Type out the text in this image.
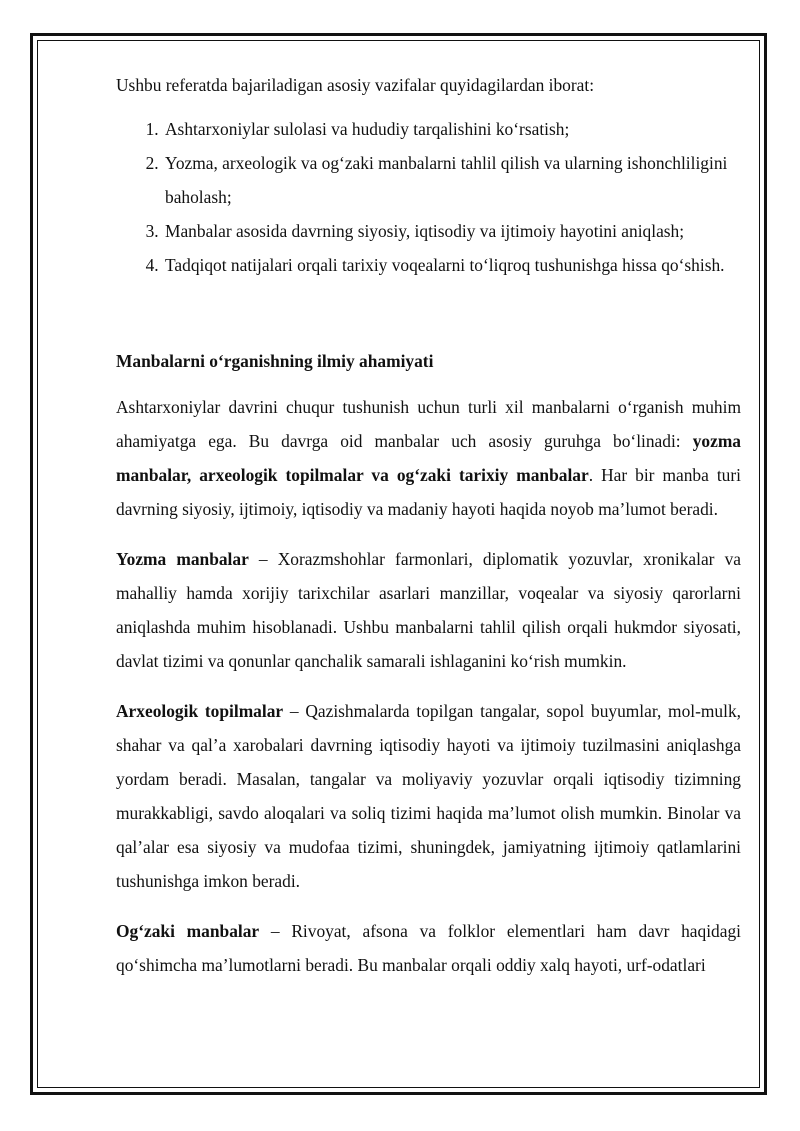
Ushbu referatda bajariladigan asosiy vazifalar quyidagilardan iborat:

1. Ashtarxoniylar sulolasi va hududiy tarqalishini ko‘rsatish;
2. Yozma, arxeologik va og‘zaki manbalarni tahlil qilish va ularning ishonchliligini baholash;
3. Manbalar asosida davrning siyosiy, iqtisodiy va ijtimoiy hayotini aniqlash;
4. Tadqiqot natijalari orqali tarixiy voqealarni to‘liqroq tushunishga hissa qo‘shish.

Manbalarni o‘rganishning ilmiy ahamiyati

Ashtarxoniylar davrini chuqur tushunish uchun turli xil manbalarni o‘rganish muhim ahamiyatga ega. Bu davrga oid manbalar uch asosiy guruhga bo‘linadi: yozma manbalar, arxeologik topilmalar va og‘zaki tarixiy manbalar. Har bir manba turi davrning siyosiy, ijtimoiy, iqtisodiy va madaniy hayoti haqida noyob ma’lumot beradi.

Yozma manbalar – Xorazmshohlar farmonlari, diplomatik yozuvlar, xronikalar va mahalliy hamda xorijiy tarixchilar asarlari manzillar, voqealar va siyosiy qarorlarni aniqlashda muhim hisoblanadi. Ushbu manbalarni tahlil qilish orqali hukmdor siyosati, davlat tizimi va qonunlar qanchalik samarali ishlaganini ko‘rish mumkin.

Arxeologik topilmalar – Qazishmalarda topilgan tangalar, sopol buyumlar, mol-mulk, shahar va qal’a xarobalari davrning iqtisodiy hayoti va ijtimoiy tuzilmasini aniqlashga yordam beradi. Masalan, tangalar va moliyaviy yozuvlar orqali iqtisodiy tizimning murakkabligi, savdo aloqalari va soliq tizimi haqida ma’lumot olish mumkin. Binolar va qal’alar esa siyosiy va mudofaa tizimi, shuningdek, jamiyatning ijtimoiy qatlamlarini tushunishga imkon beradi.

Og‘zaki manbalar – Rivoyat, afsona va folklor elementlari ham davr haqidagi qo‘shimcha ma’lumotlarni beradi. Bu manbalar orqali oddiy xalq hayoti, urf-odatlari
